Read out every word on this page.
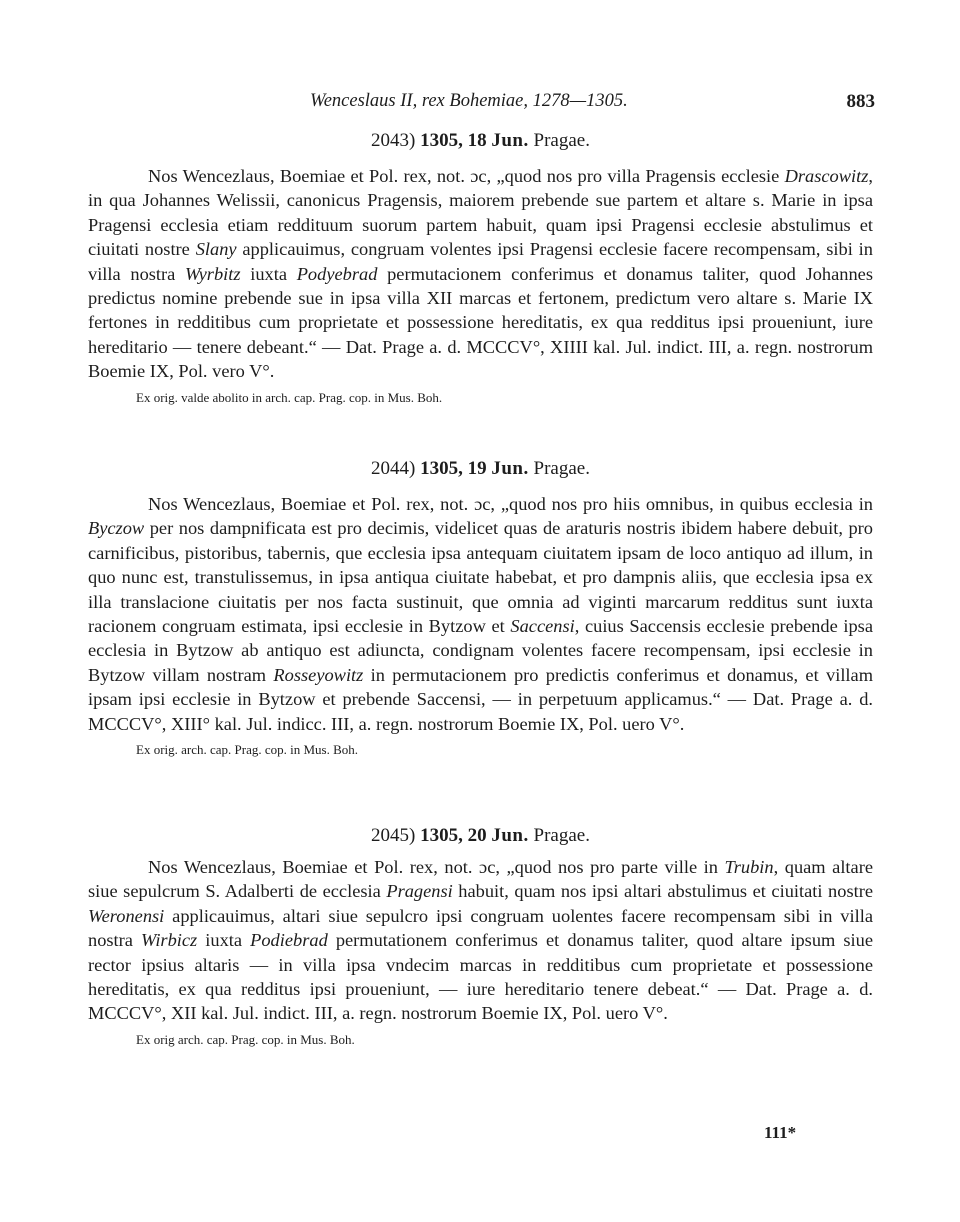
Wenceslaus II, rex Bohemiae, 1278—1305.	883
2043) 1305, 18 Jun. Pragae.

Nos Wencezlaus, Boemiae et Pol. rex, not. ɔc, „quod nos pro villa Pragensis ecclesie Drascowitz, in qua Johannes Welissii, canonicus Pragensis, maiorem prebende sue partem et altare s. Marie in ipsa Pragensi ecclesia etiam reddituum suorum partem habuit, quam ipsi Pragensi ecclesie abstulimus et ciuitati nostre Slany applicauimus, congruam volentes ipsi Pragensi ecclesie facere recompensam, sibi in villa nostra Wyrbitz iuxta Podyebrad permutacionem conferimus et donamus taliter, quod Johannes predictus nomine prebende sue in ipsa villa XII marcas et fertonem, predictum vero altare s. Marie IX fertones in redditibus cum proprietate et possessione hereditatis, ex qua redditus ipsi proueniunt, iure hereditario — tenere debeant.“ — Dat. Prage a. d. MCCCV°, XIIII kal. Jul. indict. III, a. regn. nostrorum Boemie IX, Pol. vero V°.

Ex orig. valde abolito in arch. cap. Prag. cop. in Mus. Boh.
2044) 1305, 19 Jun. Pragae.

Nos Wencezlaus, Boemiae et Pol. rex, not. ɔc, „quod nos pro hiis omnibus, in quibus ecclesia in Byczow per nos dampnificata est pro decimis, videlicet quas de araturis nostris ibidem habere debuit, pro carnificibus, pistoribus, tabernis, que ecclesia ipsa antequam ciuitatem ipsam de loco antiquo ad illum, in quo nunc est, transtulissemus, in ipsa antiqua ciuitate habebat, et pro dampnis aliis, que ecclesia ipsa ex illa translacione ciuitatis per nos facta sustinuit, que omnia ad viginti marcarum redditus sunt iuxta racionem congruam estimata, ipsi ecclesie in Bytzow et Saccensi, cuius Saccensis ecclesie prebende ipsa ecclesia in Bytzow ab antiquo est adiuncta, condignam volentes facere recompensam, ipsi ecclesie in Bytzow villam nostram Rosseyowitz in permutacionem pro predictis conferimus et donamus, et villam ipsam ipsi ecclesie in Bytzow et prebende Saccensi, — in perpetuum applicamus.“ — Dat. Prage a. d. MCCCV°, XIII° kal. Jul. indicc. III, a. regn. nostrorum Boemie IX, Pol. uero V°.

Ex orig. arch. cap. Prag. cop. in Mus. Boh.
2045) 1305, 20 Jun. Pragae.

Nos Wencezlaus, Boemiae et Pol. rex, not. ɔc, „quod nos pro parte ville in Trubin, quam altare siue sepulcrum S. Adalberti de ecclesia Pragensi habuit, quam nos ipsi altari abstulimus et ciuitati nostre Weronensi applicauimus, altari siue sepulcro ipsi congruam uolentes facere recompensam sibi in villa nostra Wirbicz iuxta Podiebrad permutationem conferimus et donamus taliter, quod altare ipsum siue rector ipsius altaris — in villa ipsa vndecim marcas in redditibus cum proprietate et possessione hereditatis, ex qua redditus ipsi proueniunt, — iure hereditario tenere debeat.“ — Dat. Prage a. d. MCCCV°, XII kal. Jul. indict. III, a. regn. nostrorum Boemie IX, Pol. uero V°.

Ex orig arch. cap. Prag. cop. in Mus. Boh.
111*
